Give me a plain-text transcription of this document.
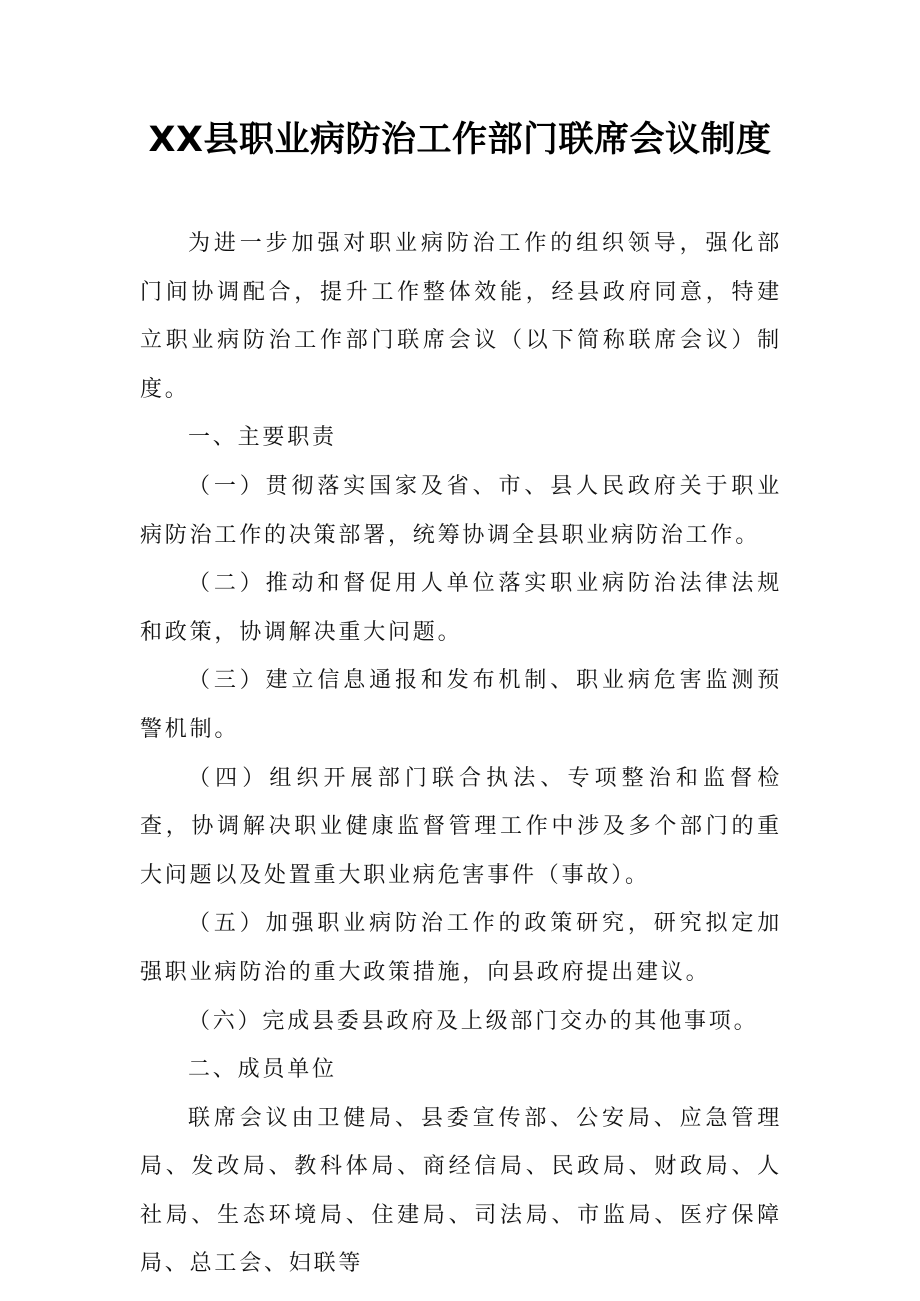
XX县职业病防治工作部门联席会议制度

为进一步加强对职业病防治工作的组织领导，强化部门间协调配合，提升工作整体效能，经县政府同意，特建立职业病防治工作部门联席会议（以下简称联席会议）制度。

一、主要职责

（一）贯彻落实国家及省、市、县人民政府关于职业病防治工作的决策部署，统筹协调全县职业病防治工作。

（二）推动和督促用人单位落实职业病防治法律法规和政策，协调解决重大问题。

（三）建立信息通报和发布机制、职业病危害监测预警机制。

（四）组织开展部门联合执法、专项整治和监督检查，协调解决职业健康监督管理工作中涉及多个部门的重大问题以及处置重大职业病危害事件（事故）。

（五）加强职业病防治工作的政策研究，研究拟定加强职业病防治的重大政策措施，向县政府提出建议。

（六）完成县委县政府及上级部门交办的其他事项。

二、成员单位

联席会议由卫健局、县委宣传部、公安局、应急管理局、发改局、教科体局、商经信局、民政局、财政局、人社局、生态环境局、住建局、司法局、市监局、医疗保障局、总工会、妇联等
